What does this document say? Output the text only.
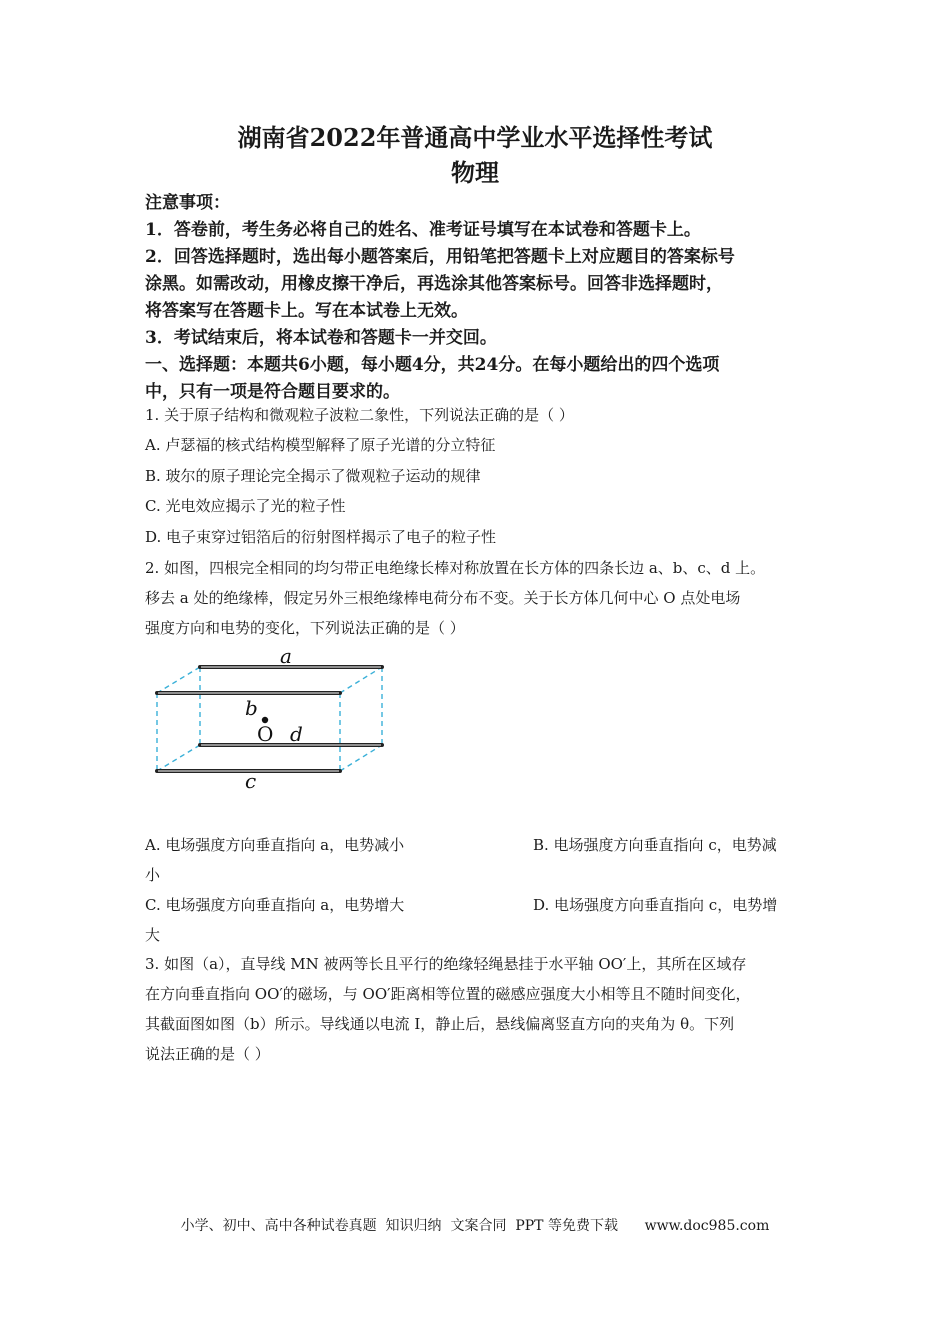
湖南省2022年普通高中学业水平选择性考试
物理
注意事项：
1．答卷前，考生务必将自己的姓名、准考证号填写在本试卷和答题卡上。
2．回答选择题时，选出每小题答案后，用铅笔把答题卡上对应题目的答案标号
涂黑。如需改动，用橡皮擦干净后，再选涂其他答案标号。回答非选择题时，
将答案写在答题卡上。写在本试卷上无效。
3．考试结束后，将本试卷和答题卡一并交回。
一、选择题：本题共6小题，每小题4分，共24分。在每小题给出的四个选项
中，只有一项是符合题目要求的。
1. 关于原子结构和微观粒子波粒二象性，下列说法正确的是（ ）
A. 卢瑟福的核式结构模型解释了原子光谱的分立特征
B. 玻尔的原子理论完全揭示了微观粒子运动的规律
C. 光电效应揭示了光的粒子性
D. 电子束穿过铝箔后的衍射图样揭示了电子的粒子性
2. 如图，四根完全相同的均匀带正电绝缘长棒对称放置在长方体的四条长边 a、b、c、d 上。
移去 a 处的绝缘棒，假定另外三根绝缘棒电荷分布不变。关于长方体几何中心 O 点处电场
强度方向和电势的变化，下列说法正确的是（ ）
a
b
O d
c
A. 电场强度方向垂直指向 a，电势减小	B. 电场强度方向垂直指向 c，电势减
小
C. 电场强度方向垂直指向 a，电势增大	D. 电场强度方向垂直指向 c，电势增
大
3. 如图（a），直导线 MN 被两等长且平行的绝缘轻绳悬挂于水平轴 OO′上，其所在区域存
在方向垂直指向 OO′的磁场，与 OO′距离相等位置的磁感应强度大小相等且不随时间变化，
其截面图如图（b）所示。导线通以电流 I，静止后，悬线偏离竖直方向的夹角为 θ。下列
说法正确的是（ ）
小学、初中、高中各种试卷真题  知识归纳  文案合同  PPT 等免费下载      www.doc985.com
